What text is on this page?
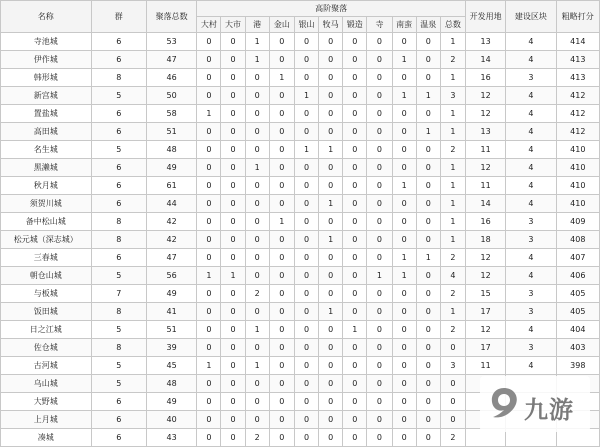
名称	群	聚落总数	高阶聚落											开发用地	建设区块	粗略打分
			大村	大市	港	金山	银山	牧马	锻造	寺	南蛮	温泉	总数			
寺池城	6	53	0	0	1	0	0	0	0	0	0	0	1	13	4	414
伊作城	6	47	0	0	1	0	0	0	0	0	1	0	2	14	4	413
韩形城	8	46	0	0	0	1	0	0	0	0	0	0	1	16	3	413
新宫城	5	50	0	0	0	0	1	0	0	0	1	1	3	12	4	412
置盐城	6	58	1	0	0	0	0	0	0	0	0	0	1	12	4	412
高田城	6	51	0	0	0	0	0	0	0	0	0	1	1	13	4	412
名生城	5	48	0	0	0	0	1	1	0	0	0	0	2	11	4	410
黑濑城	6	49	0	0	1	0	0	0	0	0	0	0	1	12	4	410
秋月城	6	61	0	0	0	0	0	0	0	0	1	0	1	11	4	410
须贺川城	6	44	0	0	0	0	0	1	0	0	0	0	1	14	4	410
备中松山城	8	42	0	0	0	1	0	0	0	0	0	0	1	16	3	409
松元城（深志城）	8	42	0	0	0	0	0	1	0	0	0	0	1	18	3	408
三春城	6	47	0	0	0	0	0	0	0	0	1	1	2	12	4	407
朝仓山城	5	56	1	1	0	0	0	0	0	1	1	0	4	12	4	406
与板城	7	49	0	0	2	0	0	0	0	0	0	0	2	15	3	405
饭田城	8	41	0	0	0	0	0	1	0	0	0	0	1	17	3	405
日之江城	5	51	0	0	1	0	0	0	1	0	0	0	2	12	4	404
佐仓城	8	39	0	0	0	0	0	0	0	0	0	0	0	17	3	403
古河城	5	45	1	0	1	0	0	0	0	0	0	0	3	11	4	398
乌山城	5	48	0	0	0	0	0	0	0	0	0	0	0			
大野城	6	49	0	0	0	0	0	0	0	0	0	0	0			
上月城	6	40	0	0	0	0	0	0	0	0	0	0	0			
凑城	6	43	0	0	2	0	0	0	0	0	0	0	2			
九游
